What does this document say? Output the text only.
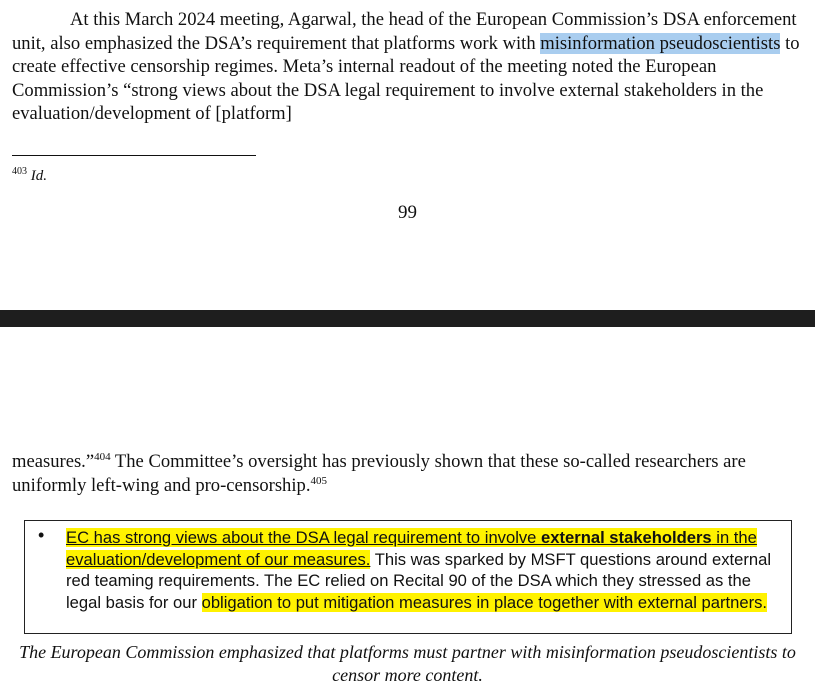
At this March 2024 meeting, Agarwal, the head of the European Commission’s DSA enforcement unit, also emphasized the DSA’s requirement that platforms work with misinformation pseudoscientists to create effective censorship regimes. Meta’s internal readout of the meeting noted the European Commission’s “strong views about the DSA legal requirement to involve external stakeholders in the evaluation/development of [platform]

$^{403}$ Id.
99

measures.”$^{404}$ The Committee’s oversight has previously shown that these so-called researchers are uniformly left-wing and pro-censorship.$^{405}$

• EC has strong views about the DSA legal requirement to involve external stakeholders in the evaluation/development of our measures. This was sparked by MSFT questions around external red teaming requirements. The EC relied on Recital 90 of the DSA which they stressed as the legal basis for our obligation to put mitigation measures in place together with external partners.
The European Commission emphasized that platforms must partner with misinformation pseudoscientists to censor more content.
